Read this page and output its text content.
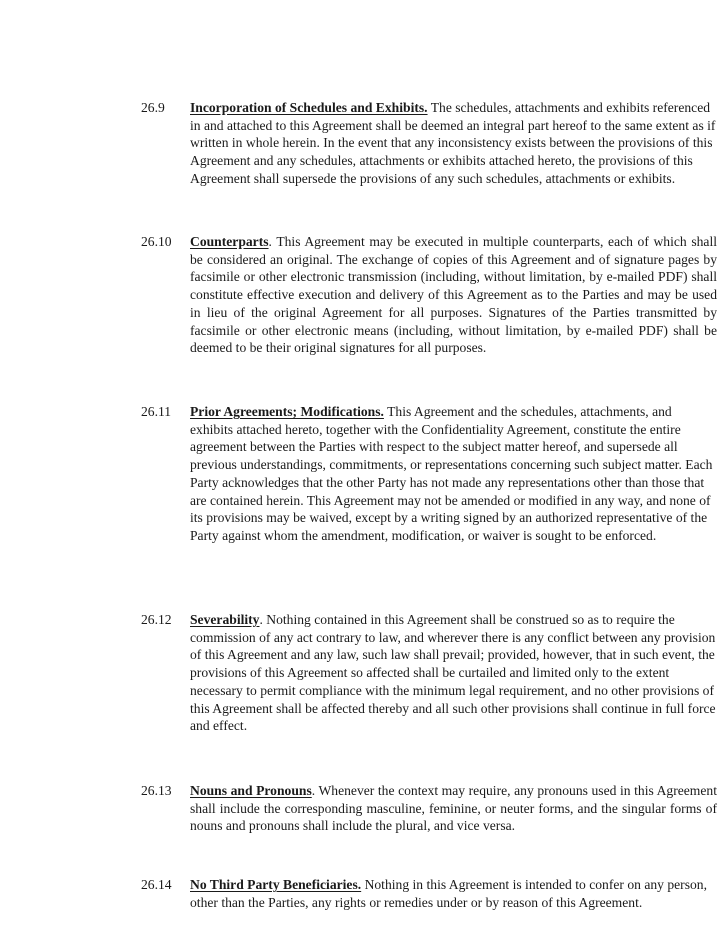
26.9	Incorporation of Schedules and Exhibits. The schedules, attachments and exhibits referenced in and attached to this Agreement shall be deemed an integral part hereof to the same extent as if written in whole herein. In the event that any inconsistency exists between the provisions of this Agreement and any schedules, attachments or exhibits attached hereto, the provisions of this Agreement shall supersede the provisions of any such schedules, attachments or exhibits.
26.10	Counterparts. This Agreement may be executed in multiple counterparts, each of which shall be considered an original. The exchange of copies of this Agreement and of signature pages by facsimile or other electronic transmission (including, without limitation, by e-mailed PDF) shall constitute effective execution and delivery of this Agreement as to the Parties and may be used in lieu of the original Agreement for all purposes. Signatures of the Parties transmitted by facsimile or other electronic means (including, without limitation, by e-mailed PDF) shall be deemed to be their original signatures for all purposes.
26.11	Prior Agreements; Modifications. This Agreement and the schedules, attachments, and exhibits attached hereto, together with the Confidentiality Agreement, constitute the entire agreement between the Parties with respect to the subject matter hereof, and supersede all previous understandings, commitments, or representations concerning such subject matter. Each Party acknowledges that the other Party has not made any representations other than those that are contained herein. This Agreement may not be amended or modified in any way, and none of its provisions may be waived, except by a writing signed by an authorized representative of the Party against whom the amendment, modification, or waiver is sought to be enforced.
26.12	Severability. Nothing contained in this Agreement shall be construed so as to require the commission of any act contrary to law, and wherever there is any conflict between any provision of this Agreement and any law, such law shall prevail; provided, however, that in such event, the provisions of this Agreement so affected shall be curtailed and limited only to the extent necessary to permit compliance with the minimum legal requirement, and no other provisions of this Agreement shall be affected thereby and all such other provisions shall continue in full force and effect.
26.13	Nouns and Pronouns. Whenever the context may require, any pronouns used in this Agreement shall include the corresponding masculine, feminine, or neuter forms, and the singular forms of nouns and pronouns shall include the plural, and vice versa.
26.14	No Third Party Beneficiaries. Nothing in this Agreement is intended to confer on any person, other than the Parties, any rights or remedies under or by reason of this Agreement.
